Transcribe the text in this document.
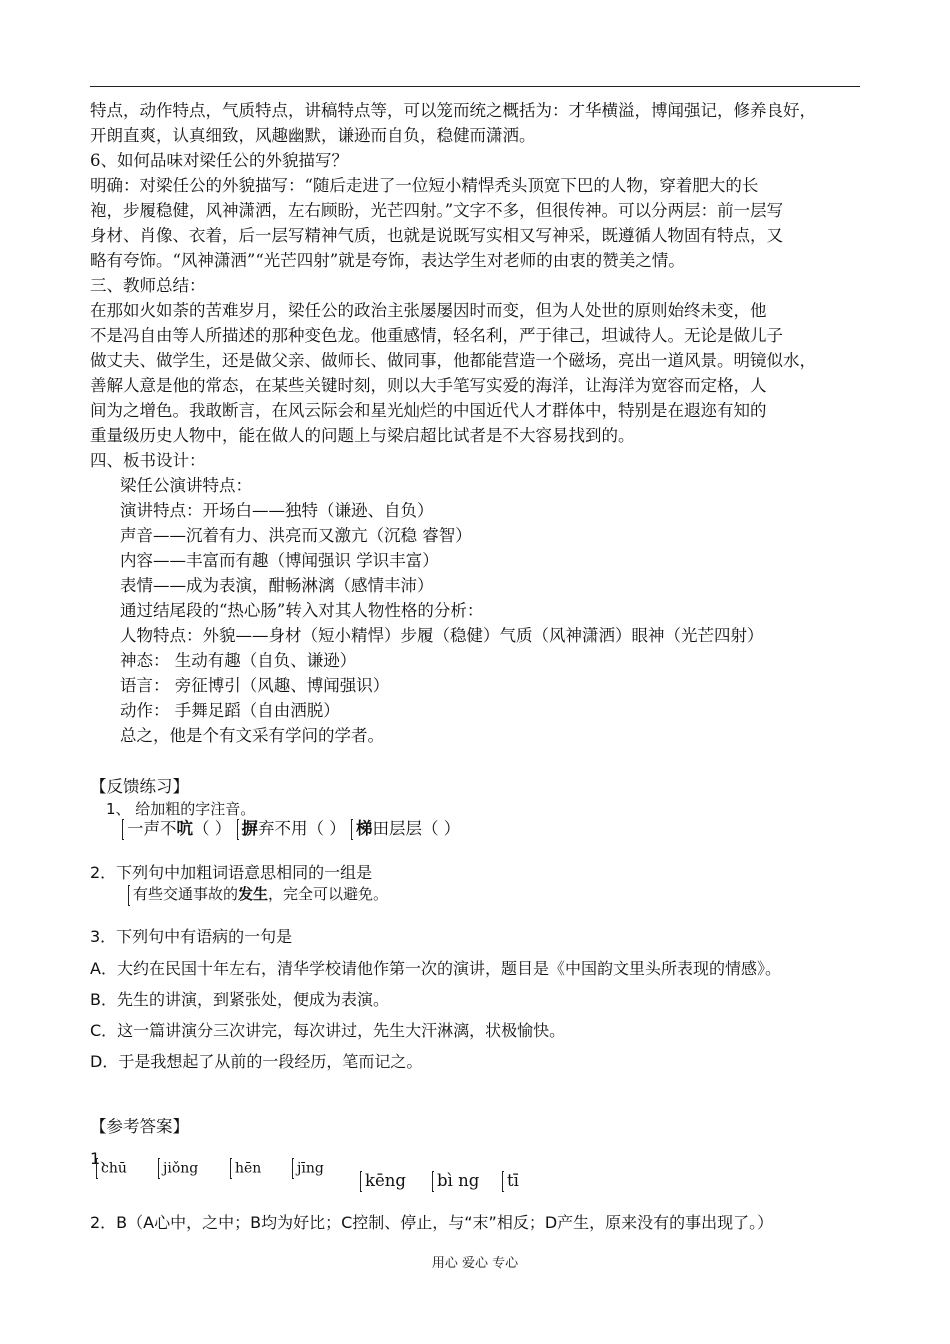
特点，动作特点，气质特点，讲稿特点等，可以笼而统之概括为：才华横溢，博闻强记，修养良好，
开朗直爽，认真细致，风趣幽默，谦逊而自负，稳健而潇洒。
6、如何品味对梁任公的外貌描写？
明确：对梁任公的外貌描写：“随后走进了一位短小精悍秃头顶宽下巴的人物，穿着肥大的长
袍，步履稳健，风神潇洒，左右顾盼，光芒四射。”文字不多，但很传神。可以分两层：前一层写
身材、肖像、衣着，后一层写精神气质，也就是说既写实相又写神采，既遵循人物固有特点，又
略有夸饰。“风神潇洒”“光芒四射”就是夸饰，表达学生对老师的由衷的赞美之情。
三、教师总结：
在那如火如荼的苦难岁月，梁任公的政治主张屡屡因时而变，但为人处世的原则始终未变，他
不是冯自由等人所描述的那种变色龙。他重感情，轻名利，严于律己，坦诚待人。无论是做儿子
做丈夫、做学生，还是做父亲、做师长、做同事，他都能营造一个磁场，亮出一道风景。明镜似水，
善解人意是他的常态，在某些关键时刻，则以大手笔写实爱的海洋，让海洋为宽容而定格，人
间为之增色。我敢断言，在风云际会和星光灿烂的中国近代人才群体中，特别是在遐迩有知的
重量级历史人物中，能在做人的问题上与梁启超比试者是不大容易找到的。
四、板书设计：
梁任公演讲特点：
演讲特点：开场白——独特（谦逊、自负）
声音——沉着有力、洪亮而又激亢（沉稳 睿智）
内容——丰富而有趣（博闻强识 学识丰富）
表情——成为表演，酣畅淋漓（感情丰沛）
通过结尾段的“热心肠”转入对其人物性格的分析：
人物特点：外貌——身材（短小精悍）步履（稳健）气质（风神潇洒）眼神（光芒四射）
神态： 生动有趣（自负、谦逊）
语言： 旁征博引（风趣、博闻强识）
动作： 手舞足蹈（自由洒脱）
总之，他是个有文采有学问的学者。
【反馈练习】
1、 给加粗的字注音。
一声不吭（ ） 摒弃不用（ ） 梯田层层（ ）
2．下列句中加粗词语意思相同的一组是
有些交通事故的发生，完全可以避免。
3．下列句中有语病的一句是
A．大约在民国十年左右，清华学校请他作第一次的演讲，题目是《中国韵文里头所表现的情感》。
B．先生的讲演，到紧张处，便成为表演。
C．这一篇讲演分三次讲完，每次讲过，先生大汗淋漓，状极愉快。
D．于是我想起了从前的一段经历，笔而记之。
【参考答案】
1、
chū	jiǒng	hēn	jīng
kēng	bì ng	tī
2．B（A心中，之中；B均为好比；C控制、停止，与“末”相反；D产生，原来没有的事出现了。）
用心 爱心 专心
